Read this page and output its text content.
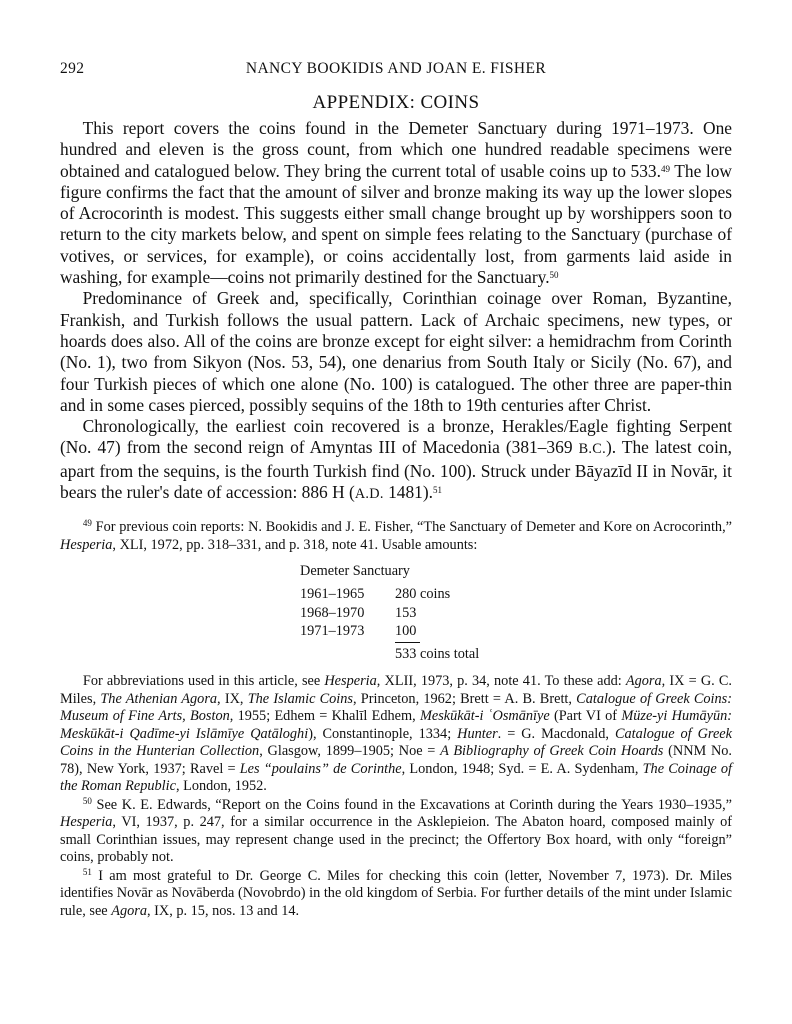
292	NANCY BOOKIDIS AND JOAN E. FISHER
APPENDIX: COINS

This report covers the coins found in the Demeter Sanctuary during 1971–1973. One hundred and eleven is the gross count, from which one hundred readable specimens were obtained and catalogued below. They bring the current total of usable coins up to 533.49 The low figure confirms the fact that the amount of silver and bronze making its way up the lower slopes of Acrocorinth is modest. This suggests either small change brought up by worshippers soon to return to the city markets below, and spent on simple fees relating to the Sanctuary (purchase of votives, or services, for example), or coins accidentally lost, from garments laid aside in washing, for example—coins not primarily destined for the Sanctuary.$^{50}$

Predominance of Greek and, specifically, Corinthian coinage over Roman, Byzantine, Frankish, and Turkish follows the usual pattern. Lack of Archaic specimens, new types, or hoards does also. All of the coins are bronze except for eight silver: a hemidrachm from Corinth (No. 1), two from Sikyon (Nos. 53, 54), one denarius from South Italy or Sicily (No. 67), and four Turkish pieces of which one alone (No. 100) is catalogued. The other three are paper-thin and in some cases pierced, possibly sequins of the 18th to 19th centuries after Christ.

Chronologically, the earliest coin recovered is a bronze, Herakles/Eagle fighting Serpent (No. 47) from the second reign of Amyntas III of Macedonia (381–369 B.C.). The latest coin, apart from the sequins, is the fourth Turkish find (No. 100). Struck under Bāyazīd II in Novār, it bears the ruler's date of accession: 886 H (A.D. 1481).$^{51}$

$^{49}$ For previous coin reports: N. Bookidis and J. E. Fisher, “The Sanctuary of Demeter and Kore on Acrocorinth,” Hesperia, XLI, 1972, pp. 318–331, and p. 318, note 41. Usable amounts:

Demeter Sanctuary
1961–1965	280 coins
1968–1970	153
1971–1973	100
533 coins total

For abbreviations used in this article, see Hesperia, XLII, 1973, p. 34, note 41. To these add: Agora, IX = G. C. Miles, The Athenian Agora, IX, The Islamic Coins, Princeton, 1962; Brett = A. B. Brett, Catalogue of Greek Coins: Museum of Fine Arts, Boston, 1955; Edhem = Khalīl Edhem, Meskūkāt-i ʿOsmānīye (Part VI of Müze-yi Humāyūn: Meskūkāt-i Qadīme-yi Islāmīye Qatāloghi), Constantinople, 1334; Hunter. = G. Macdonald, Catalogue of Greek Coins in the Hunterian Collection, Glasgow, 1899–1905; Noe = A Bibliography of Greek Coin Hoards (NNM No. 78), New York, 1937; Ravel = Les “poulains” de Corinthe, London, 1948; Syd. = E. A. Sydenham, The Coinage of the Roman Republic, London, 1952.

$^{50}$ See K. E. Edwards, “Report on the Coins found in the Excavations at Corinth during the Years 1930–1935,” Hesperia, VI, 1937, p. 247, for a similar occurrence in the Asklepieion. The Abaton hoard, composed mainly of small Corinthian issues, may represent change used in the precinct; the Offertory Box hoard, with only “foreign” coins, probably not.

$^{51}$ I am most grateful to Dr. George C. Miles for checking this coin (letter, November 7, 1973). Dr. Miles identifies Novār as Novāberda (Novobrdo) in the old kingdom of Serbia. For further details of the mint under Islamic rule, see Agora, IX, p. 15, nos. 13 and 14.
